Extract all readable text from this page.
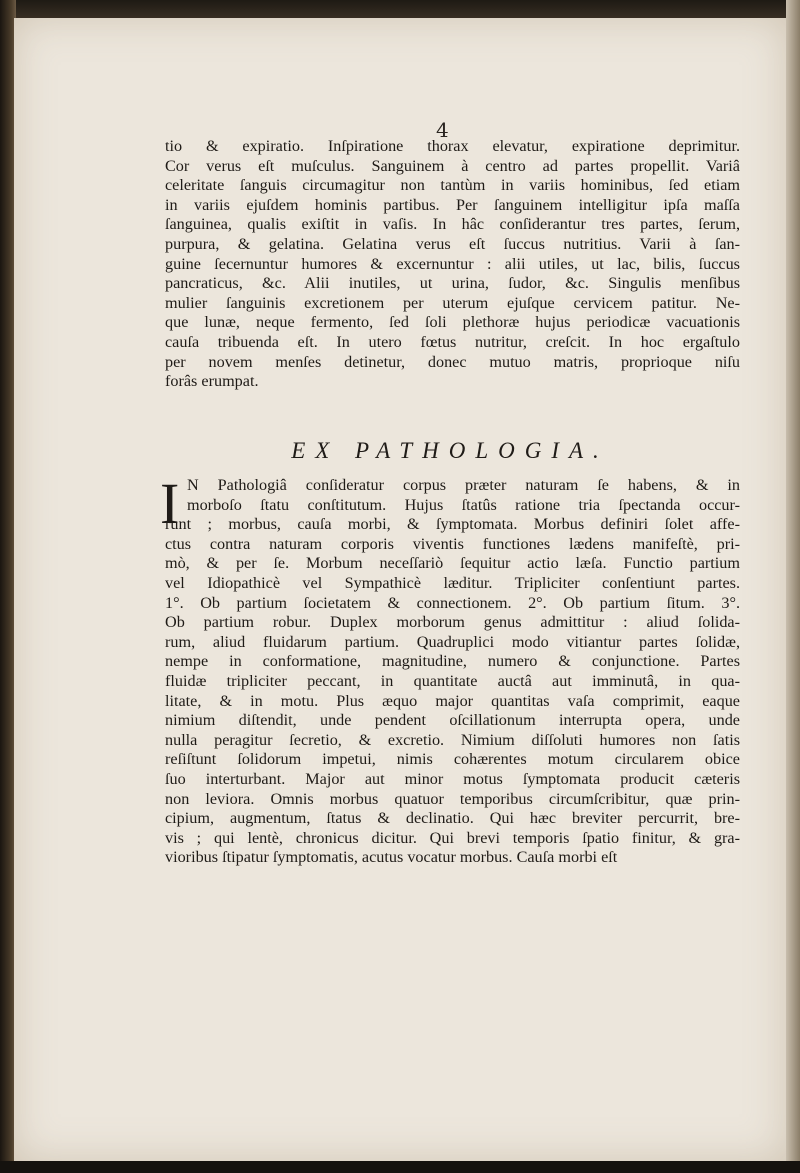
4
tio & expiratio. Inſpiratione thorax elevatur, expiratione deprimitur.
Cor verus eſt muſculus. Sanguinem à centro ad partes propellit. Variâ
celeritate ſanguis circumagitur non tantùm in variis hominibus, ſed etiam
in variis ejuſdem hominis partibus. Per ſanguinem intelligitur ipſa maſſa
ſanguinea, qualis exiſtit in vaſis. In hâc conſiderantur tres partes, ſerum,
purpura, & gelatina. Gelatina verus eſt ſuccus nutritius. Varii à ſan-
guine ſecernuntur humores & excernuntur : alii utiles, ut lac, bilis, ſuccus
pancraticus, &c. Alii inutiles, ut urina, ſudor, &c. Singulis menſibus
mulier ſanguinis excretionem per uterum ejuſque cervicem patitur. Ne-
que lunæ, neque fermento, ſed ſoli plethoræ hujus periodicæ vacuationis
cauſa tribuenda eſt. In utero fœtus nutritur, creſcit. In hoc ergaſtulo
per novem menſes detinetur, donec mutuo matris, proprioque niſu
forâs erumpat.
EX PATHOLOGIA.
I N Pathologiâ conſideratur corpus præter naturam ſe habens, & in
morboſo ſtatu conſtitutum. Hujus ſtatûs ratione tria ſpectanda occur-
runt ; morbus, cauſa morbi, & ſymptomata. Morbus definiri ſolet affe-
ctus contra naturam corporis viventis functiones lædens manifeſtè, pri-
mò, & per ſe. Morbum neceſſariò ſequitur actio læſa. Functio partium
vel Idiopathicè vel Sympathicè læditur. Tripliciter conſentiunt partes.
1°. Ob partium ſocietatem & connectionem. 2°. Ob partium ſitum. 3°.
Ob partium robur. Duplex morborum genus admittitur : aliud ſolida-
rum, aliud fluidarum partium. Quadruplici modo vitiantur partes ſolidæ,
nempe in conformatione, magnitudine, numero & conjunctione. Partes
fluidæ tripliciter peccant, in quantitate auctâ aut imminutâ, in qua-
litate, & in motu. Plus æquo major quantitas vaſa comprimit, eaque
nimium diſtendit, unde pendent oſcillationum interrupta opera, unde
nulla peragitur ſecretio, & excretio. Nimium diſſoluti humores non ſatis
reſiſtunt ſolidorum impetui, nimis cohærentes motum circularem obice
ſuo interturbant. Major aut minor motus ſymptomata producit cæteris
non leviora. Omnis morbus quatuor temporibus circumſcribitur, quæ prin-
cipium, augmentum, ſtatus & declinatio. Qui hæc breviter percurrit, bre-
vis ; qui lentè, chronicus dicitur. Qui brevi temporis ſpatio finitur, & gra-
vioribus ſtipatur ſymptomatis, acutus vocatur morbus. Cauſa morbi eſt
